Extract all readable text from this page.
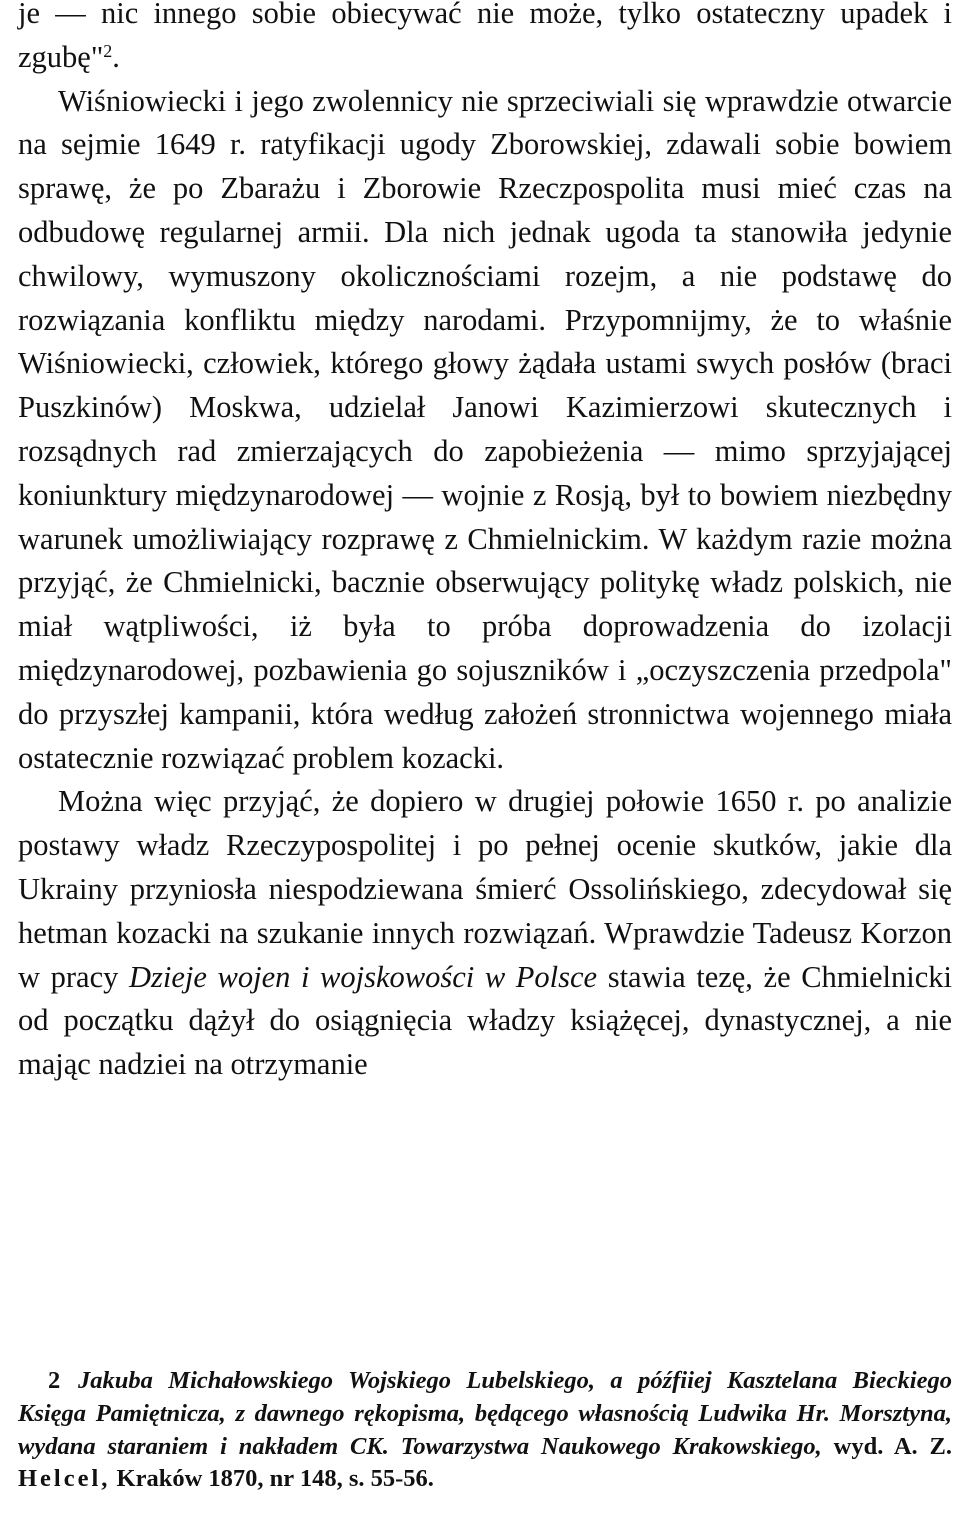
je — nic innego sobie obiecywać nie może, tylko ostateczny upadek i zgubę"$^2$.

Wiśniowiecki i jego zwolennicy nie sprzeciwiali się wprawdzie otwarcie na sejmie 1649 r. ratyfikacji ugody Zborowskiej, zdawali sobie bowiem sprawę, że po Zbarażu i Zborowie Rzeczpospolita musi mieć czas na odbudowę regularnej armii. Dla nich jednak ugoda ta stanowiła jedynie chwilowy, wymuszony okolicznościami rozejm, a nie podstawę do rozwiązania konfliktu między narodami. Przypomnijmy, że to właśnie Wiśniowiecki, człowiek, którego głowy żądała ustami swych posłów (braci Puszkinów) Moskwa, udzielał Janowi Kazimierzowi skutecznych i rozsądnych rad zmierzających do zapobieżenia — mimo sprzyjającej koniunktury międzynarodowej — wojnie z Rosją, był to bowiem niezbędny warunek umożliwiający rozprawę z Chmielnickim. W każdym razie można przyjąć, że Chmielnicki, bacznie obserwujący politykę władz polskich, nie miał wątpliwości, iż była to próba doprowadzenia do izolacji międzynarodowej, pozbawienia go sojuszników i „oczyszczenia przedpola" do przyszłej kampanii, która według założeń stronnictwa wojennego miała ostatecznie rozwiązać problem kozacki.

Można więc przyjąć, że dopiero w drugiej połowie 1650 r. po analizie postawy władz Rzeczypospolitej i po pełnej ocenie skutków, jakie dla Ukrainy przyniosła niespodziewana śmierć Ossolińskiego, zdecydował się hetman kozacki na szukanie innych rozwiązań. Wprawdzie Tadeusz Korzon w pracy Dzieje wojen i wojskowości w Polsce stawia tezę, że Chmielnicki od początku dążył do osiągnięcia władzy książęcej, dynastycznej, a nie mając nadziei na otrzymanie

2 Jakuba Michałowskiego Wojskiego Lubelskiego, a późfiiej Kasztelana Bieckiego Księga Pamiętnicza, z dawnego rękopisma, będącego własnością Ludwika Hr. Morsztyna, wydana staraniem i nakładem CK. Towarzystwa Naukowego Krakowskiego, wyd. A. Z. Helcel, Kraków 1870, nr 148, s. 55-56.
